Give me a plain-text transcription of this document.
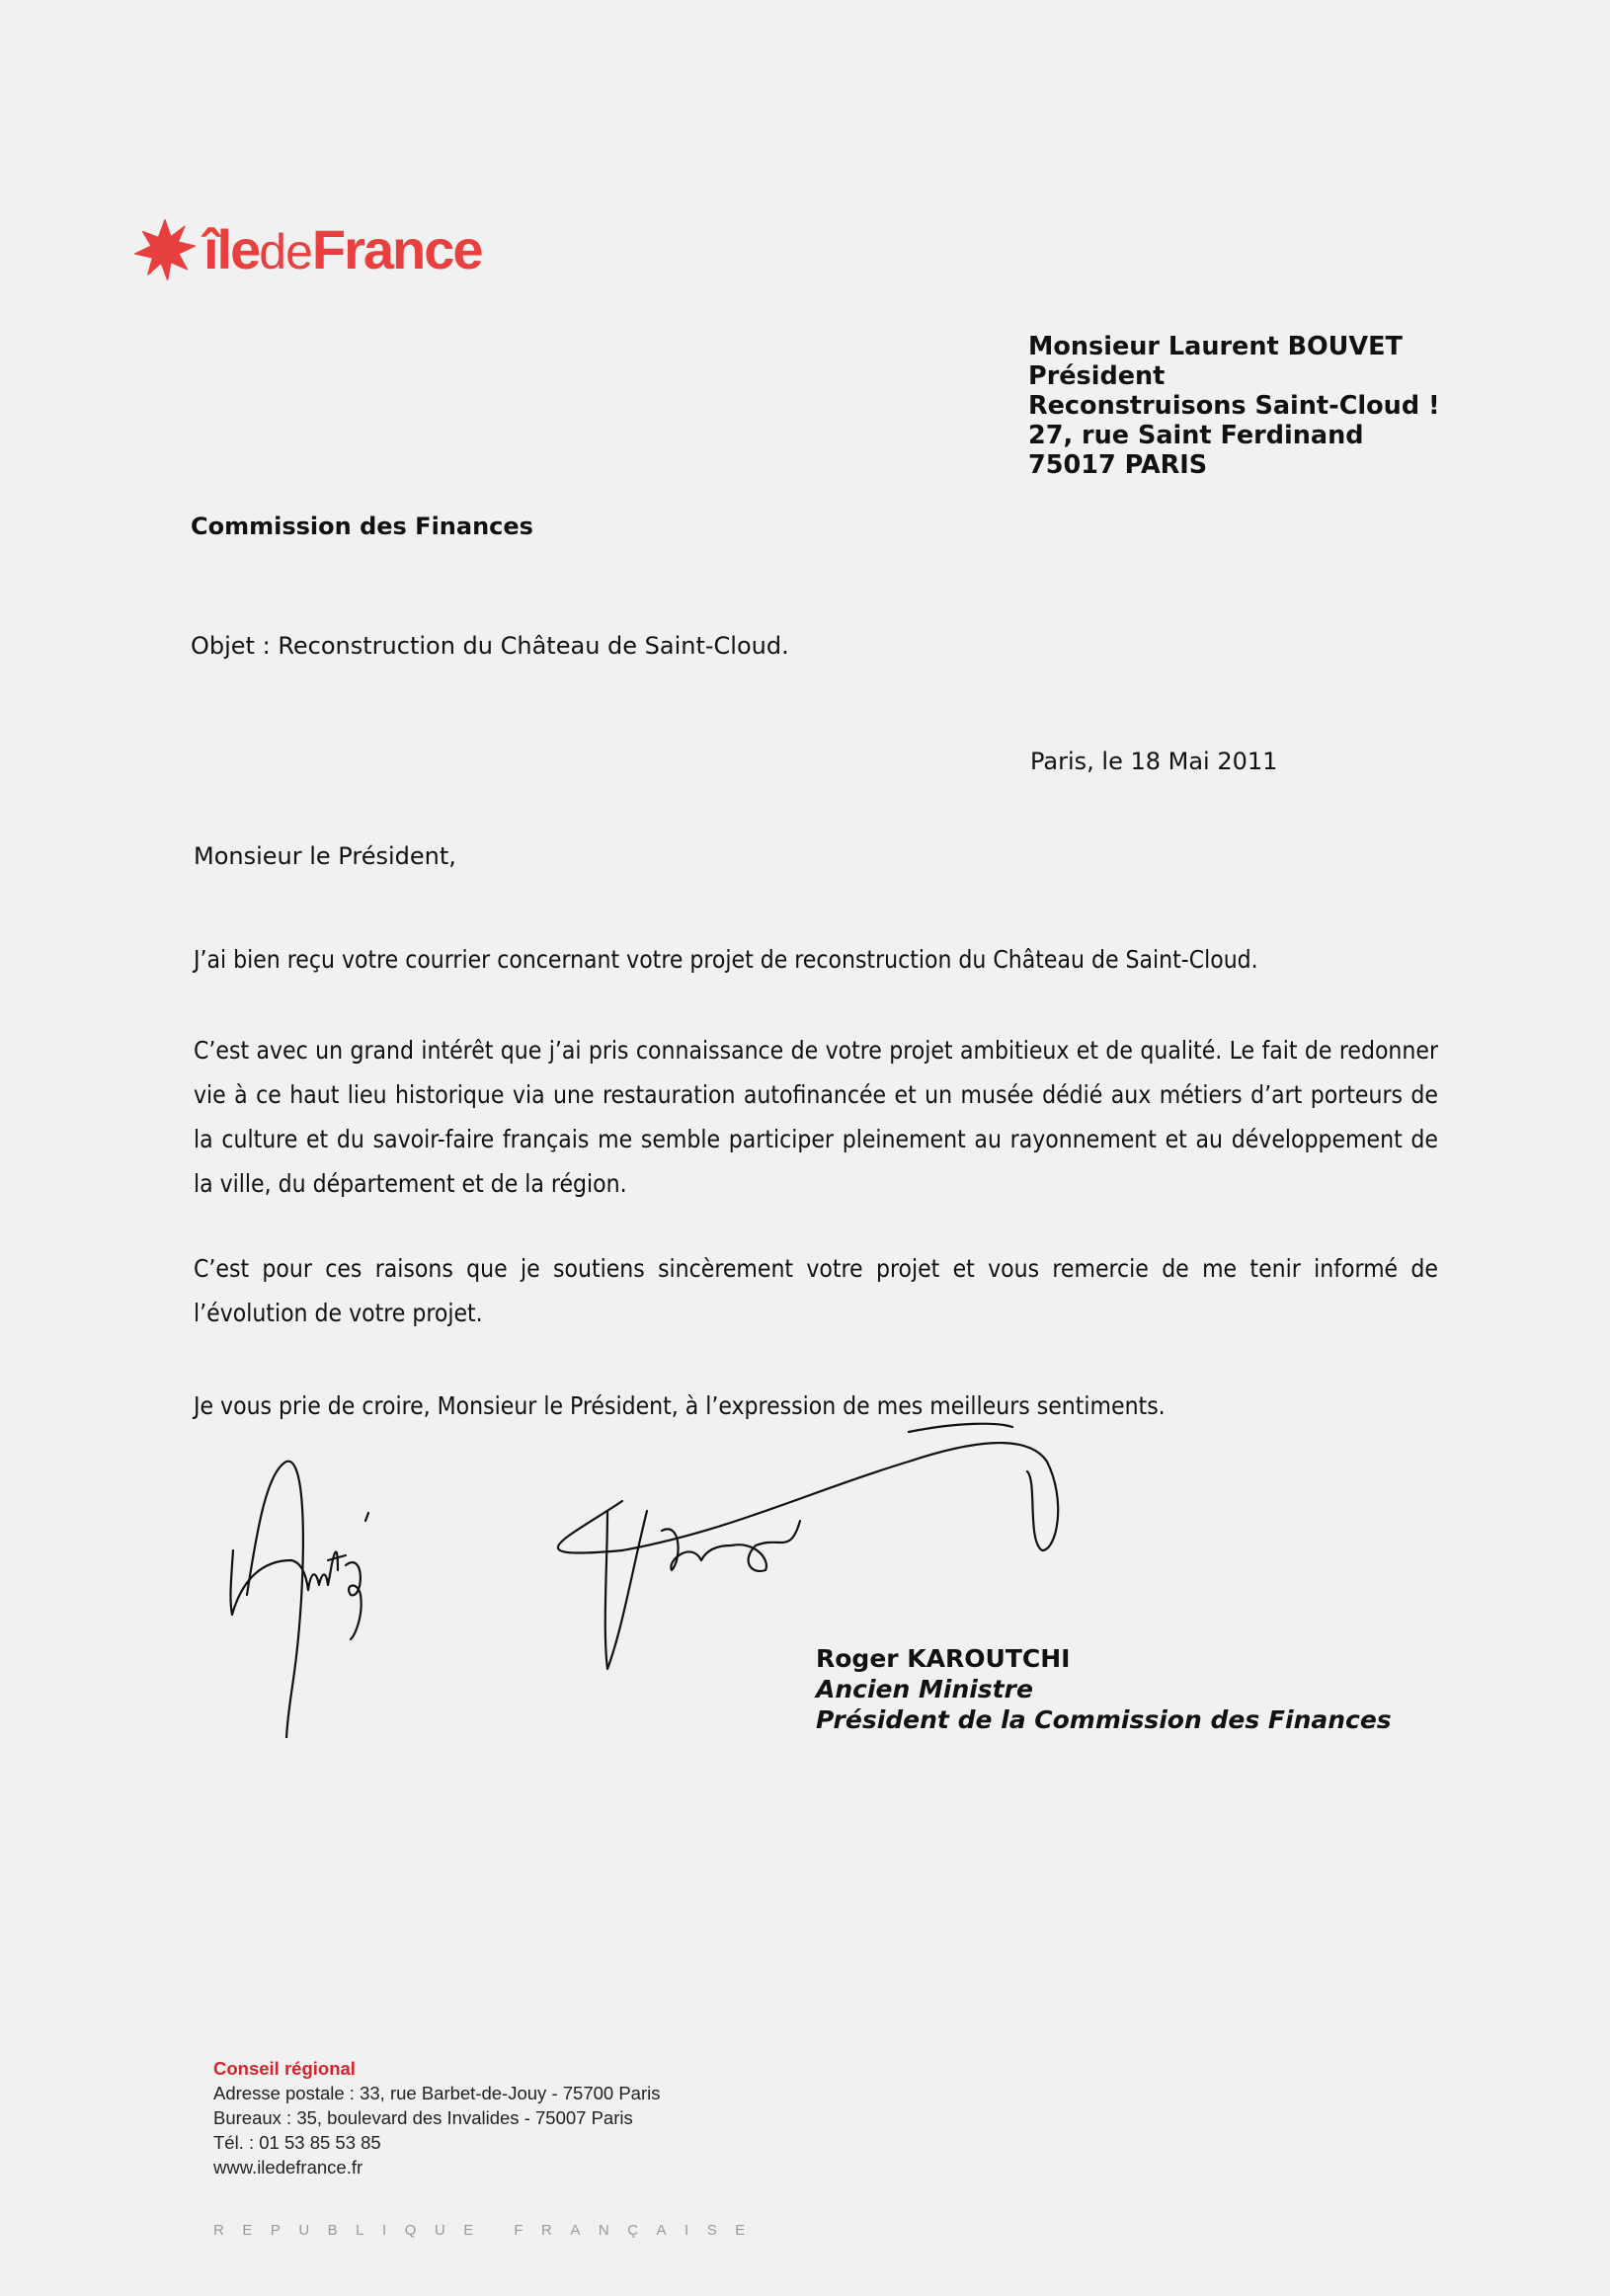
îledeFrance
Monsieur Laurent BOUVET
Président
Reconstruisons Saint-Cloud !
27, rue Saint Ferdinand
75017 PARIS
Commission des Finances
Objet : Reconstruction du Château de Saint-Cloud.
Paris, le 18 Mai 2011
Monsieur le Président,
J’ai bien reçu votre courrier concernant votre projet de reconstruction du Château de Saint-Cloud.
C’est avec un grand intérêt que j’ai pris connaissance de votre projet ambitieux et de qualité. Le fait de redonner vie à ce haut lieu historique via une restauration autofinancée et un musée dédié aux métiers d’art porteurs de la culture et du savoir-faire français me semble participer pleinement au rayonnement et au développement de la ville, du département et de la région.
C’est pour ces raisons que je soutiens sincèrement votre projet et vous remercie de me tenir informé de l’évolution de votre projet.
Je vous prie de croire, Monsieur le Président, à l’expression de mes meilleurs sentiments.
Roger KAROUTCHI
Ancien Ministre
Président de la Commission des Finances
Conseil régional
Adresse postale : 33, rue Barbet-de-Jouy - 75700 Paris
Bureaux : 35, boulevard des Invalides - 75007 Paris
Tél. : 01 53 85 53 85
www.iledefrance.fr
REPUBLIQUE FRANÇAISE
